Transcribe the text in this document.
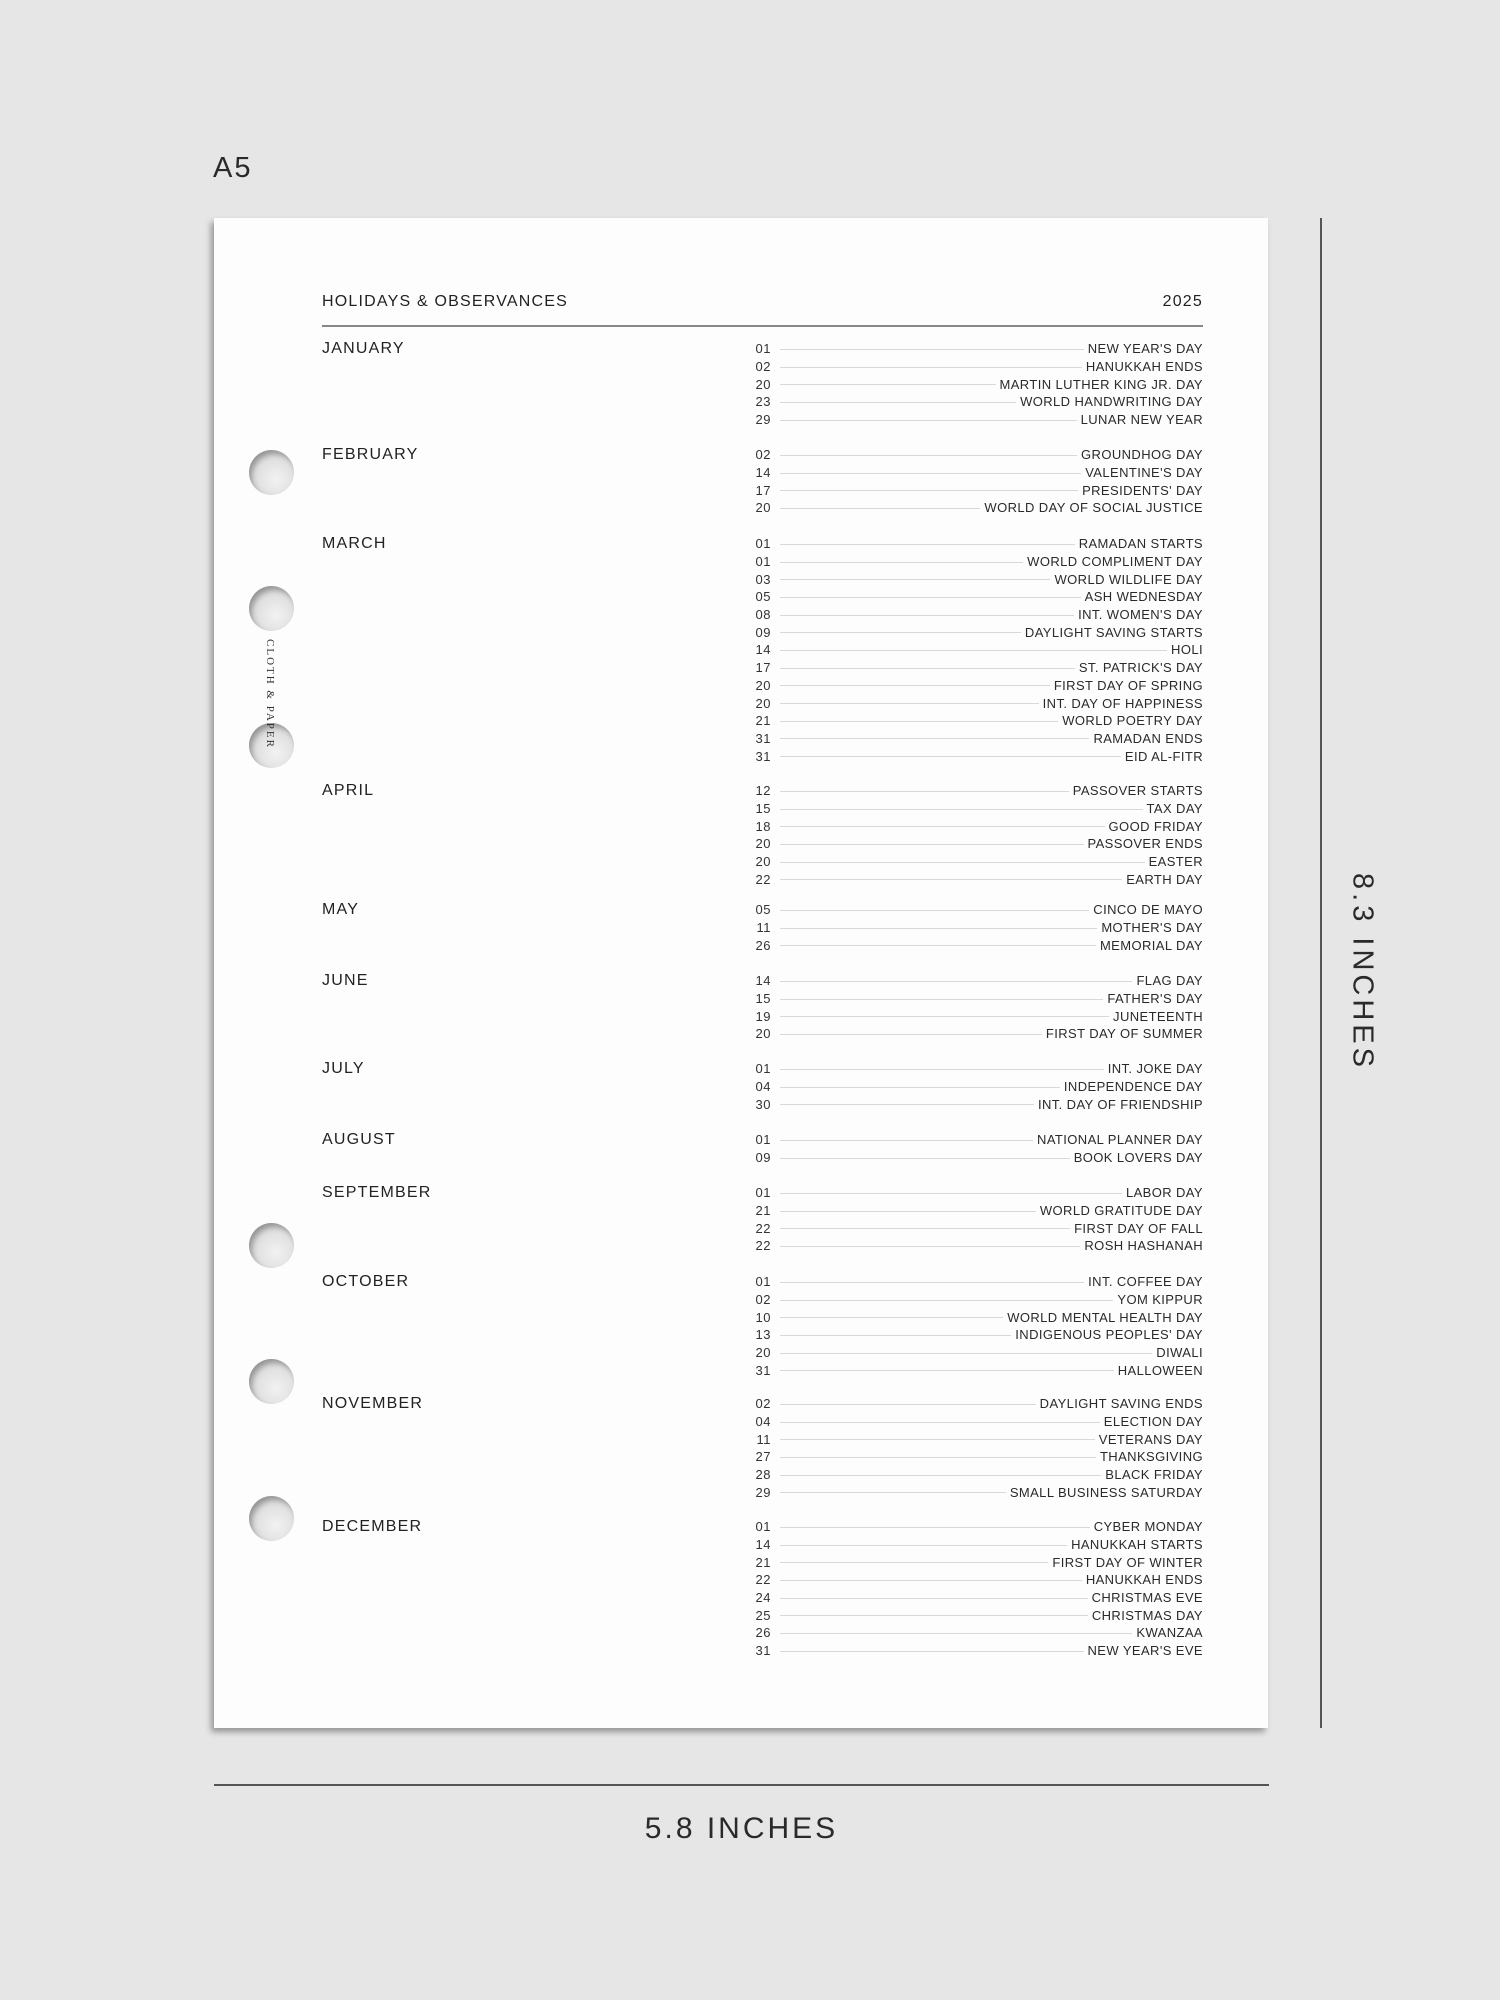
A5
CLOTH & PAPER
HOLIDAYS & OBSERVANCES	2025
JANUARY	01	NEW YEAR'S DAY
02	HANUKKAH ENDS
20	MARTIN LUTHER KING JR. DAY
23	WORLD HANDWRITING DAY
29	LUNAR NEW YEAR
FEBRUARY	02	GROUNDHOG DAY
14	VALENTINE'S DAY
17	PRESIDENTS' DAY
20	WORLD DAY OF SOCIAL JUSTICE
MARCH	01	RAMADAN STARTS
01	WORLD COMPLIMENT DAY
03	WORLD WILDLIFE DAY
05	ASH WEDNESDAY
08	INT. WOMEN'S DAY
09	DAYLIGHT SAVING STARTS
14	HOLI
17	ST. PATRICK'S DAY
20	FIRST DAY OF SPRING
20	INT. DAY OF HAPPINESS
21	WORLD POETRY DAY
31	RAMADAN ENDS
31	EID AL-FITR
APRIL	12	PASSOVER STARTS
15	TAX DAY
18	GOOD FRIDAY
20	PASSOVER ENDS
20	EASTER
22	EARTH DAY
MAY	05	CINCO DE MAYO
11	MOTHER'S DAY
26	MEMORIAL DAY
JUNE	14	FLAG DAY
15	FATHER'S DAY
19	JUNETEENTH
20	FIRST DAY OF SUMMER
JULY	01	INT. JOKE DAY
04	INDEPENDENCE DAY
30	INT. DAY OF FRIENDSHIP
AUGUST	01	NATIONAL PLANNER DAY
09	BOOK LOVERS DAY
SEPTEMBER	01	LABOR DAY
21	WORLD GRATITUDE DAY
22	FIRST DAY OF FALL
22	ROSH HASHANAH
OCTOBER	01	INT. COFFEE DAY
02	YOM KIPPUR
10	WORLD MENTAL HEALTH DAY
13	INDIGENOUS PEOPLES' DAY
20	DIWALI
31	HALLOWEEN
NOVEMBER	02	DAYLIGHT SAVING ENDS
04	ELECTION DAY
11	VETERANS DAY
27	THANKSGIVING
28	BLACK FRIDAY
29	SMALL BUSINESS SATURDAY
DECEMBER	01	CYBER MONDAY
14	HANUKKAH STARTS
21	FIRST DAY OF WINTER
22	HANUKKAH ENDS
24	CHRISTMAS EVE
25	CHRISTMAS DAY
26	KWANZAA
31	NEW YEAR'S EVE
8.3 INCHES
5.8 INCHES
